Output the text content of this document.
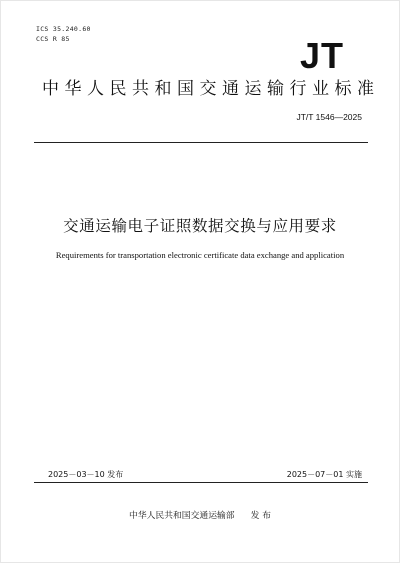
ICS 35.240.60
CCS R 85	JT
中华人民共和国交通运输行业标准
JT/T 1546—2025
交通运输电子证照数据交换与应用要求
Requirements for transportation electronic certificate data exchange and application
2025－03－10 发布	2025－07－01 实施
中华人民共和国交通运输部 发 布
